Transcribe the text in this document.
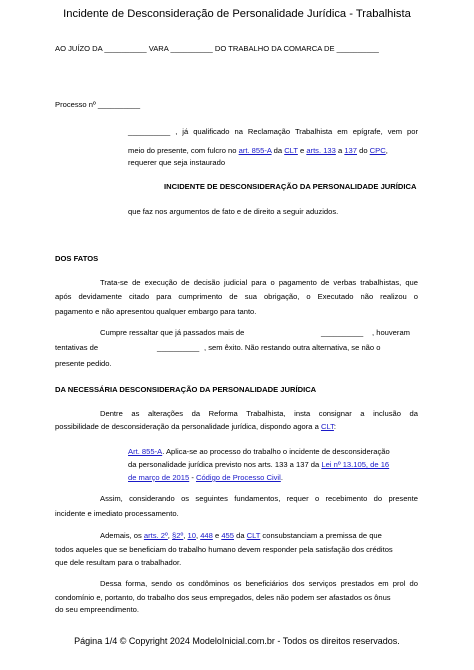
Incidente de Desconsideração de Personalidade Jurídica - Trabalhista
AO JUÍZO DA __________ VARA __________ DO TRABALHO DA COMARCA DE __________
Processo nº __________
__________ , já qualificado na Reclamação Trabalhista em epígrafe, vem por
meio do presente, com fulcro no art. 855-A da CLT e arts. 133 a 137 do CPC,
requerer que seja instaurado
INCIDENTE DE DESCONSIDERAÇÃO DA PERSONALIDADE JURÍDICA
que faz nos argumentos de fato e de direito a seguir aduzidos.
DOS FATOS
Trata-se de execução de decisão judicial para o pagamento de verbas trabalhistas, que
após devidamente citado para cumprimento de sua obrigação, o Executado não realizou o
pagamento e não apresentou qualquer embargo para tanto.
Cumpre ressaltar que já passados mais de	__________ , houveram
tentativas de	__________ , sem êxito. Não restando outra alternativa, se não o
presente pedido.
DA NECESSÁRIA DESCONSIDERAÇÃO DA PERSONALIDADE JURÍDICA
Dentre as alterações da Reforma Trabalhista, insta consignar a inclusão da
possibilidade de desconsideração da personalidade jurídica, dispondo agora a CLT:
Art. 855-A. Aplica-se ao processo do trabalho o incidente de desconsideração
da personalidade jurídica previsto nos arts. 133 a 137 da Lei nº 13.105, de 16
de março de 2015 - Código de Processo Civil.
Assim, considerando os seguintes fundamentos, requer o recebimento do presente
incidente e imediato processamento.
Ademais, os arts. 2º, §2º, 10, 448 e 455 da CLT consubstanciam a premissa de que
todos aqueles que se beneficiam do trabalho humano devem responder pela satisfação dos créditos
que dele resultam para o trabalhador.
Dessa forma, sendo os condôminos os beneficiários dos serviços prestados em prol do
condomínio e, portanto, do trabalho dos seus empregados, deles não podem ser afastados os ônus
do seu empreendimento.
Página 1/4 © Copyright 2024 ModeloInicial.com.br - Todos os direitos reservados.
